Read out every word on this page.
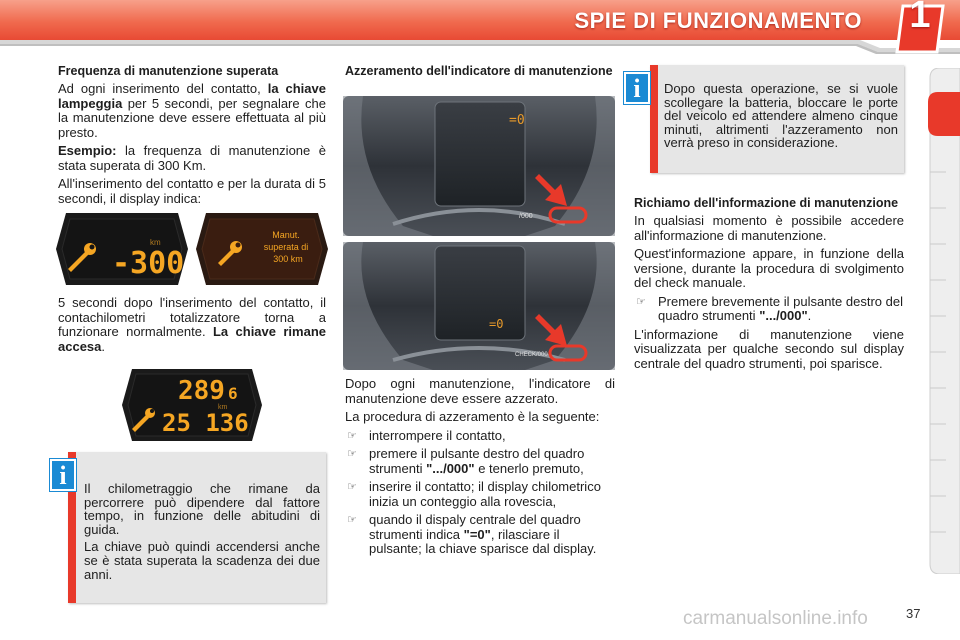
SPIE DI FUNZIONAMENTO	1
Frequenza di manutenzione superata

Ad ogni inserimento del contatto, la chiave lampeggia per 5 secondi, per segnalare che la manutenzione deve essere effettuata al più presto.

Esempio: la frequenza di manutenzione è stata superata di 300 Km.

All'inserimento del contatto e per la durata di 5 secondi, il display indica:

km
-300
Manut.
superata di
300 km

5 secondi dopo l'inserimento del contatto, il contachilometri totalizzatore torna a funzionare normalmente. La chiave rimane accesa.

289 6
km
25 136

Il chilometraggio che rimane da percorrere può dipendere dal fattore tempo, in funzione delle abitudini di guida.

La chiave può quindi accendersi anche se è stata superata la scadenza dei due anni.

i
Azzeramento dell'indicatore di manutenzione
=0
/000
=0
CHECK/000

Dopo ogni manutenzione, l'indicatore di manutenzione deve essere azzerato.

La procedura di azzeramento è la seguente:

☞ interrompere il contatto,
☞ premere il pulsante destro del quadro strumenti ".../000" e tenerlo premuto,
☞ inserire il contatto; il display chilometrico inizia un conteggio alla rovescia,
☞ quando il dispaly centrale del quadro strumenti indica "=0", rilasciare il pulsante; la chiave sparisce dal display.

Dopo questa operazione, se si vuole scollegare la batteria, bloccare le porte del veicolo ed attendere almeno cinque minuti, altrimenti l'azzeramento non verrà preso in considerazione.

i
Richiamo dell'informazione di manutenzione

In qualsiasi momento è possibile accedere all'informazione di manutenzione.

Quest'informazione appare, in funzione della versione, durante la procedura di svolgimento del check manuale.

☞ Premere brevemente il pulsante destro del quadro strumenti ".../000".

L'informazione di manutenzione viene visualizzata per qualche secondo sul display centrale del quadro strumenti, poi sparisce.

37
carmanualsonline.info
